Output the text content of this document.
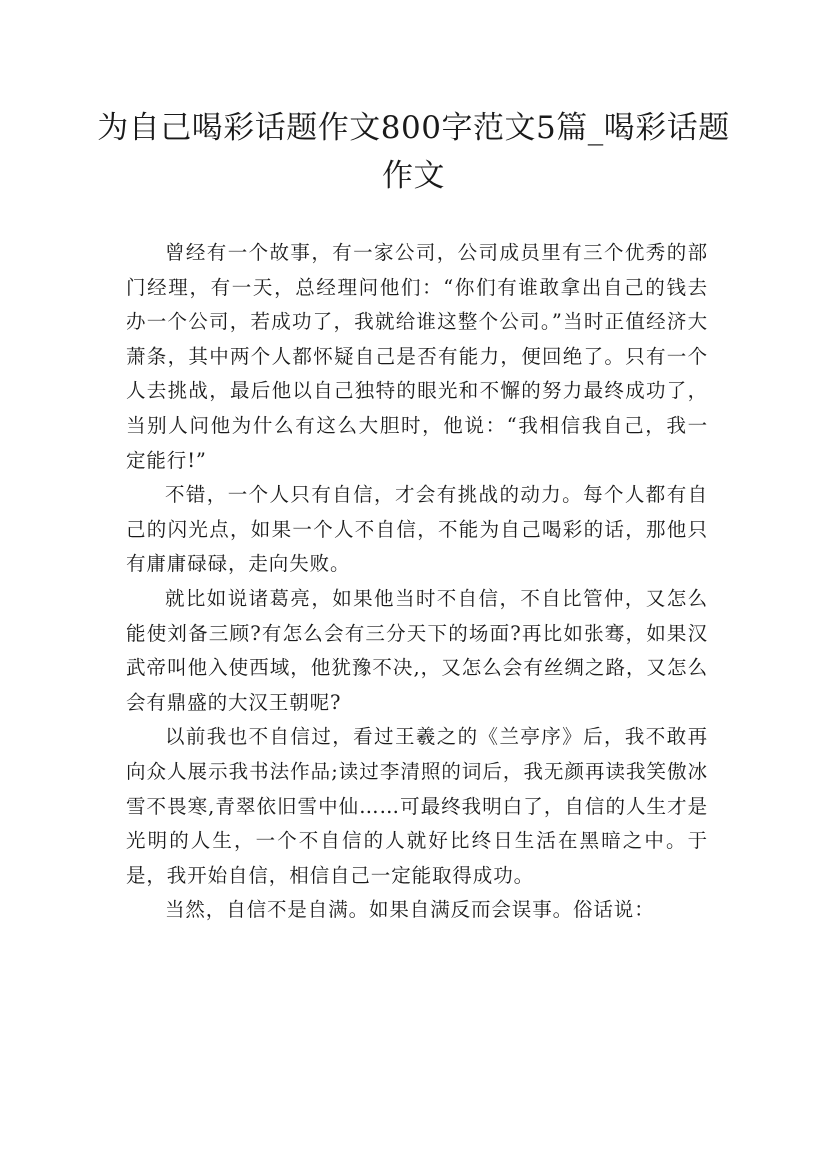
为自己喝彩话题作文800字范文5篇_喝彩话题作文

曾经有一个故事，有一家公司，公司成员里有三个优秀的部门经理，有一天，总经理问他们：“你们有谁敢拿出自己的钱去办一个公司，若成功了，我就给谁这整个公司。”当时正值经济大萧条，其中两个人都怀疑自己是否有能力，便回绝了。只有一个人去挑战，最后他以自己独特的眼光和不懈的努力最终成功了，当别人问他为什么有这么大胆时，他说：“我相信我自己，我一定能行!”

不错，一个人只有自信，才会有挑战的动力。每个人都有自己的闪光点，如果一个人不自信，不能为自己喝彩的话，那他只有庸庸碌碌，走向失败。

就比如说诸葛亮，如果他当时不自信，不自比管仲，又怎么能使刘备三顾?有怎么会有三分天下的场面?再比如张骞，如果汉武帝叫他入使西域，他犹豫不决,，又怎么会有丝绸之路，又怎么会有鼎盛的大汉王朝呢?

以前我也不自信过，看过王羲之的《兰亭序》后，我不敢再向众人展示我书法作品;读过李清照的词后，我无颜再读我笑傲冰雪不畏寒,青翠依旧雪中仙……可最终我明白了，自信的人生才是光明的人生，一个不自信的人就好比终日生活在黑暗之中。于是，我开始自信，相信自己一定能取得成功。

当然，自信不是自满。如果自满反而会误事。俗话说：
